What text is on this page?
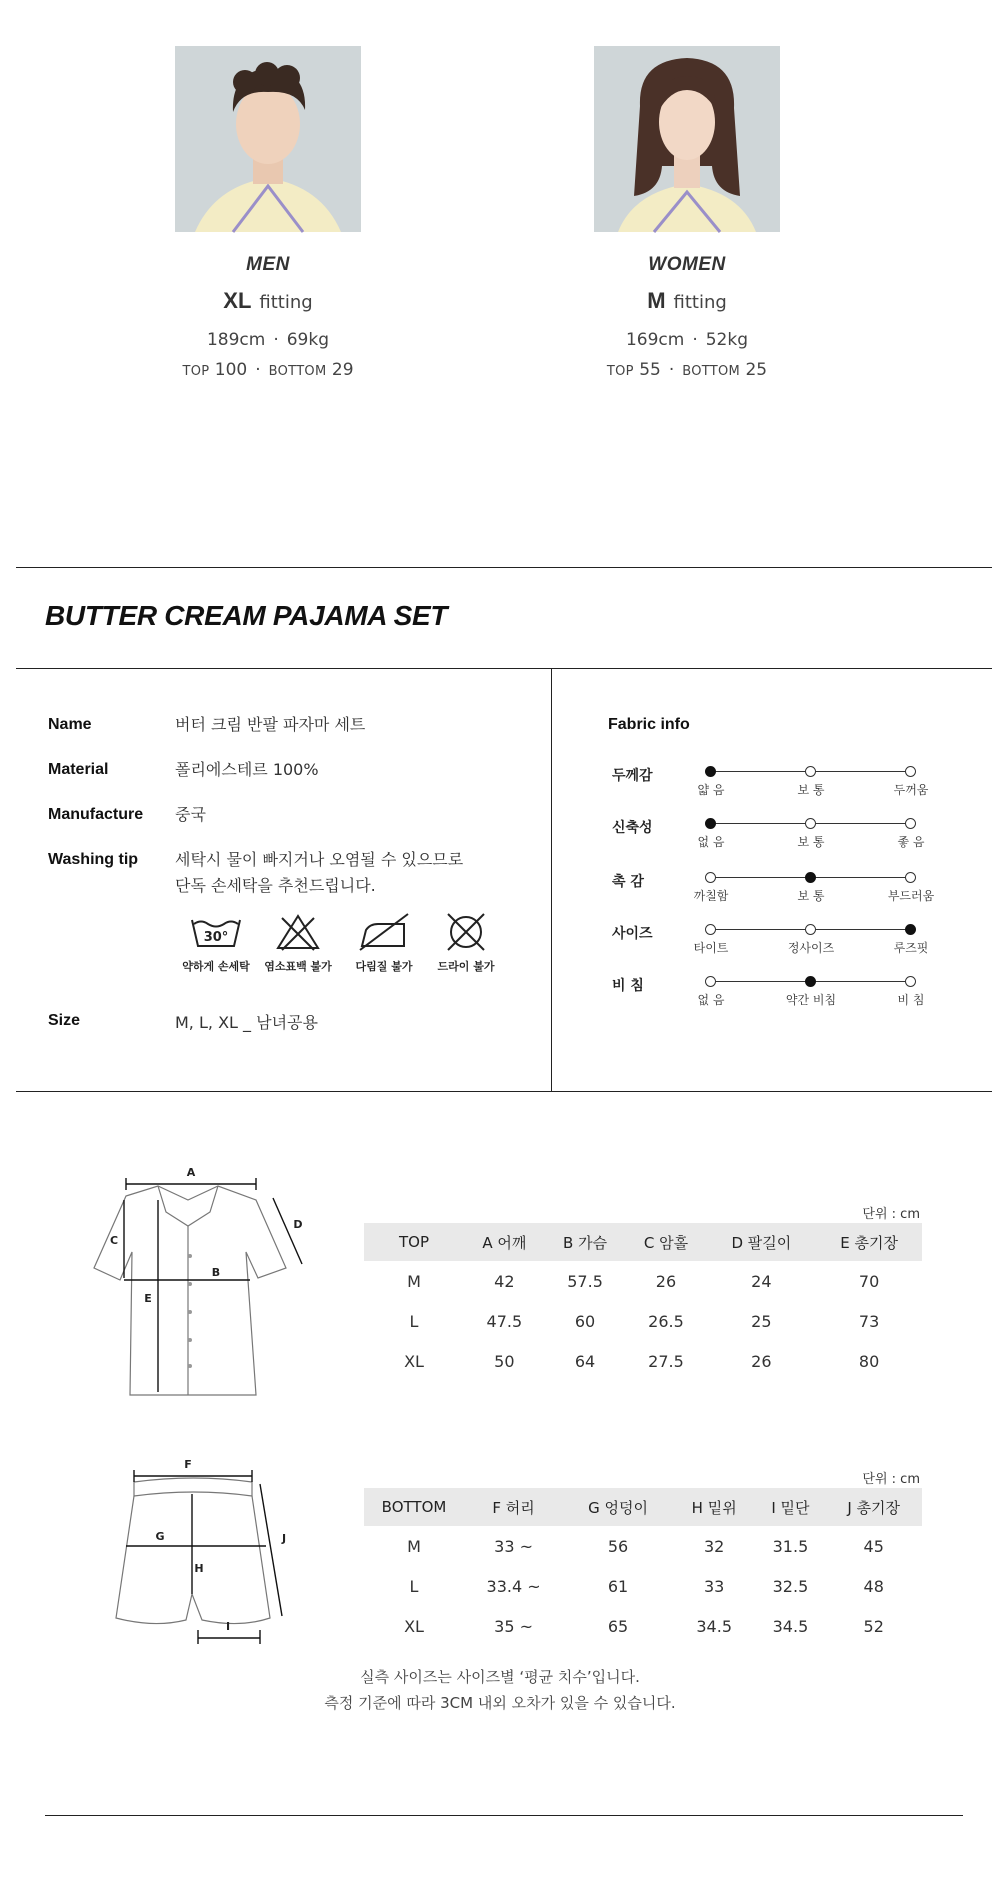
MEN
XL fitting
189cm · 69kg
TOP 100 · BOTTOM 29
WOMEN
M fitting
169cm · 52kg
TOP 55 · BOTTOM 25
BUTTER CREAM PAJAMA SET
Name	버터 크림 반팔 파자마 세트
Material	폴리에스테르 100%
Manufacture 중국
Washing tip 세탁시 물이 빠지거나 오염될 수 있으므로
단독 손세탁을 추천드립니다.
30°
약하게 손세탁	염소표백 불가	다림질 불가	드라이 불가
Size	M, L, XL _ 남녀공용
Fabric info
두께감
얇 음	보 통	두꺼움
신축성
없 음	보 통	좋 음
촉 감
까칠함	보 통	부드러움
사이즈
타이트	정사이즈	루즈핏
비 침
없 음	약간 비침	비 침
A
B
C
D
E
단위 : cm
TOP	A 어깨	B 가슴	C 암홀	D 팔길이	E 총기장
M	42	57.5	26	24	70
L	47.5	60	26.5	25	73
XL	50	64	27.5	26	80
F
G
H
I
J
단위 : cm
BOTTOM	F 허리	G 엉덩이	H 밑위	I 밑단	J 총기장
M	33 ~	56	32	31.5	45
L	33.4 ~	61	33	32.5	48
XL	35 ~	65	34.5	34.5	52
실측 사이즈는 사이즈별 ‘평균 치수’입니다.
측정 기준에 따라 3CM 내외 오차가 있을 수 있습니다.
